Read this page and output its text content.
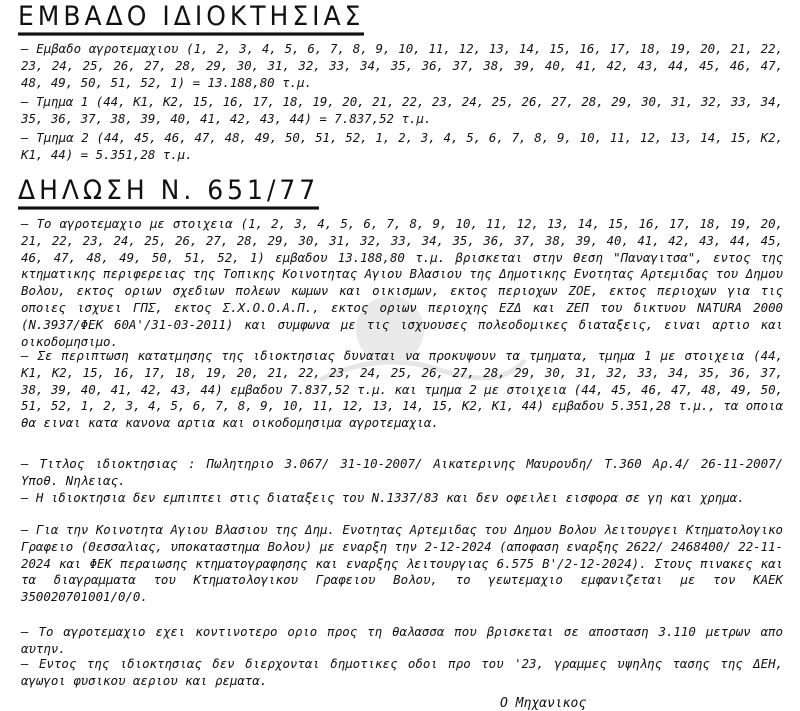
ΕΜΒΑΔΟ ΙΔΙΟΚΤΗΣΙΑΣ

– Εμβαδο αγροτεμαχιου (1, 2, 3, 4, 5, 6, 7, 8, 9, 10, 11, 12, 13, 14, 15, 16, 17, 18, 19, 20, 21, 22, 23, 24, 25, 26, 27, 28, 29, 30, 31, 32, 33, 34, 35, 36, 37, 38, 39, 40, 41, 42, 43, 44, 45, 46, 47, 48, 49, 50, 51, 52, 1) = 13.188,80 τ.μ.

– Τμημα 1 (44, Κ1, Κ2, 15, 16, 17, 18, 19, 20, 21, 22, 23, 24, 25, 26, 27, 28, 29, 30, 31, 32, 33, 34, 35, 36, 37, 38, 39, 40, 41, 42, 43, 44) = 7.837,52 τ.μ.

– Τμημα 2 (44, 45, 46, 47, 48, 49, 50, 51, 52, 1, 2, 3, 4, 5, 6, 7, 8, 9, 10, 11, 12, 13, 14, 15, Κ2, Κ1, 44) = 5.351,28 τ.μ.

ΔΗΛΩΣΗ Ν. 651/77

– Το αγροτεμαχιο με στοιχεια (1, 2, 3, 4, 5, 6, 7, 8, 9, 10, 11, 12, 13, 14, 15, 16, 17, 18, 19, 20, 21, 22, 23, 24, 25, 26, 27, 28, 29, 30, 31, 32, 33, 34, 35, 36, 37, 38, 39, 40, 41, 42, 43, 44, 45, 46, 47, 48, 49, 50, 51, 52, 1) εμβαδου 13.188,80 τ.μ. βρισκεται στην θεση "Παναγιτσα", εντος της κτηματικης περιφερειας της Τοπικης Κοινοτητας Αγιου Βλασιου της Δημοτικης Ενοτητας Αρτεμιδας του Δημου Βολου, εκτος οριων σχεδιων πολεων κωμων και οικισμων, εκτος περιοχων ΖΟΕ, εκτος περιοχων για τις οποιες ισχυει ΓΠΣ, εκτος Σ.Χ.Ο.Ο.Α.Π., εκτος οριων περιοχης ΕΖΔ και ΖΕΠ του δικτυου NATURA 2000 (Ν.3937/ΦΕΚ 60Α'/31-03-2011) και συμφωνα με τις ισχυουσες πολεοδομικες διαταξεις, ειναι αρτιο και οικοδομησιμο.

– Σε περιπτωση κατατμησης της ιδιοκτησιας δυναται να προκυψουν τα τμηματα, τμημα 1 με στοιχεια (44, Κ1, Κ2, 15, 16, 17, 18, 19, 20, 21, 22, 23, 24, 25, 26, 27, 28, 29, 30, 31, 32, 33, 34, 35, 36, 37, 38, 39, 40, 41, 42, 43, 44) εμβαδου 7.837,52 τ.μ. και τμημα 2 με στοιχεια (44, 45, 46, 47, 48, 49, 50, 51, 52, 1, 2, 3, 4, 5, 6, 7, 8, 9, 10, 11, 12, 13, 14, 15, Κ2, Κ1, 44) εμβαδου 5.351,28 τ.μ., τα οποια θα ειναι κατα κανονα αρτια και οικοδομησιμα αγροτεμαχια.

– Τιτλος ιδιοκτησιας : Πωλητηριο 3.067/ 31-10-2007/ Αικατερινης Μαυρουδη/ Τ.360 Αρ.4/ 26-11-2007/ Υποθ. Νηλειας.

– Η ιδιοκτησια δεν εμπιπτει στις διαταξεις του Ν.1337/83 και δεν οφειλει εισφορα σε γη και χρημα.

– Για την Κοινοτητα Αγιου Βλασιου της Δημ. Ενοτητας Αρτεμιδας του Δημου Βολου λειτουργει Κτηματολογικο Γραφειο (Θεσσαλιας, υποκαταστημα Βολου) με εναρξη την 2-12-2024 (αποφαση εναρξης 2622/ 2468400/ 22-11-2024 και ΦΕΚ περαιωσης κτηματογραφησης και εναρξης λειτουργιας 6.575 Β'/2-12-2024). Στους πινακες και τα διαγραμματα του Κτηματολογικου Γραφειου Βολου, το γεωτεμαχιο εμφανιζεται με τον ΚΑΕΚ 350020701001/0/0.

– Το αγροτεμαχιο εχει κοντινοτερο οριο προς τη θαλασσα που βρισκεται σε αποσταση 3.110 μετρων απο αυτην.

– Εντος της ιδιοκτησιας δεν διερχονται δημοτικες οδοι προ του '23, γραμμες υψηλης τασης της ΔΕΗ, αγωγοι φυσικου αεριου και ρεματα.

Ο Μηχανικος
